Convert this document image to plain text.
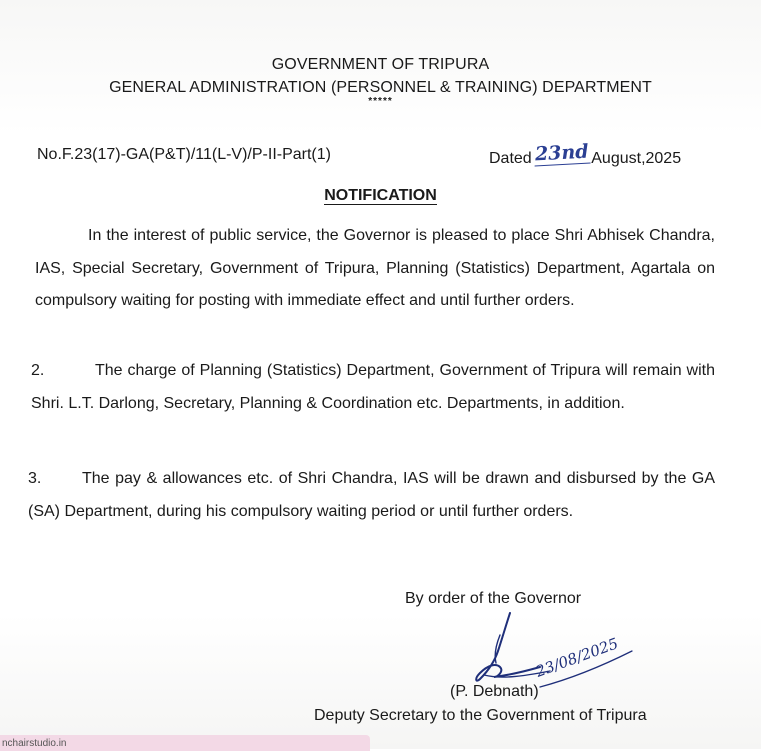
GOVERNMENT OF TRIPURA
GENERAL ADMINISTRATION (PERSONNEL & TRAINING) DEPARTMENT
*****
No.F.23(17)-GA(P&T)/11(L-V)/P-II-Part(1)	Dated 23nd August,2025
NOTIFICATION
In the interest of public service, the Governor is pleased to place Shri Abhisek Chandra, IAS, Special Secretary, Government of Tripura, Planning (Statistics) Department, Agartala on compulsory waiting for posting with immediate effect and until further orders.
2.	The charge of Planning (Statistics) Department, Government of Tripura will remain with Shri. L.T. Darlong, Secretary, Planning & Coordination etc. Departments, in addition.
3.	The pay & allowances etc. of Shri Chandra, IAS will be drawn and disbursed by the GA (SA) Department, during his compulsory waiting period or until further orders.
By order of the Governor
23/08/2025
(P. Debnath)
Deputy Secretary to the Government of Tripura
nchairstudio.in
